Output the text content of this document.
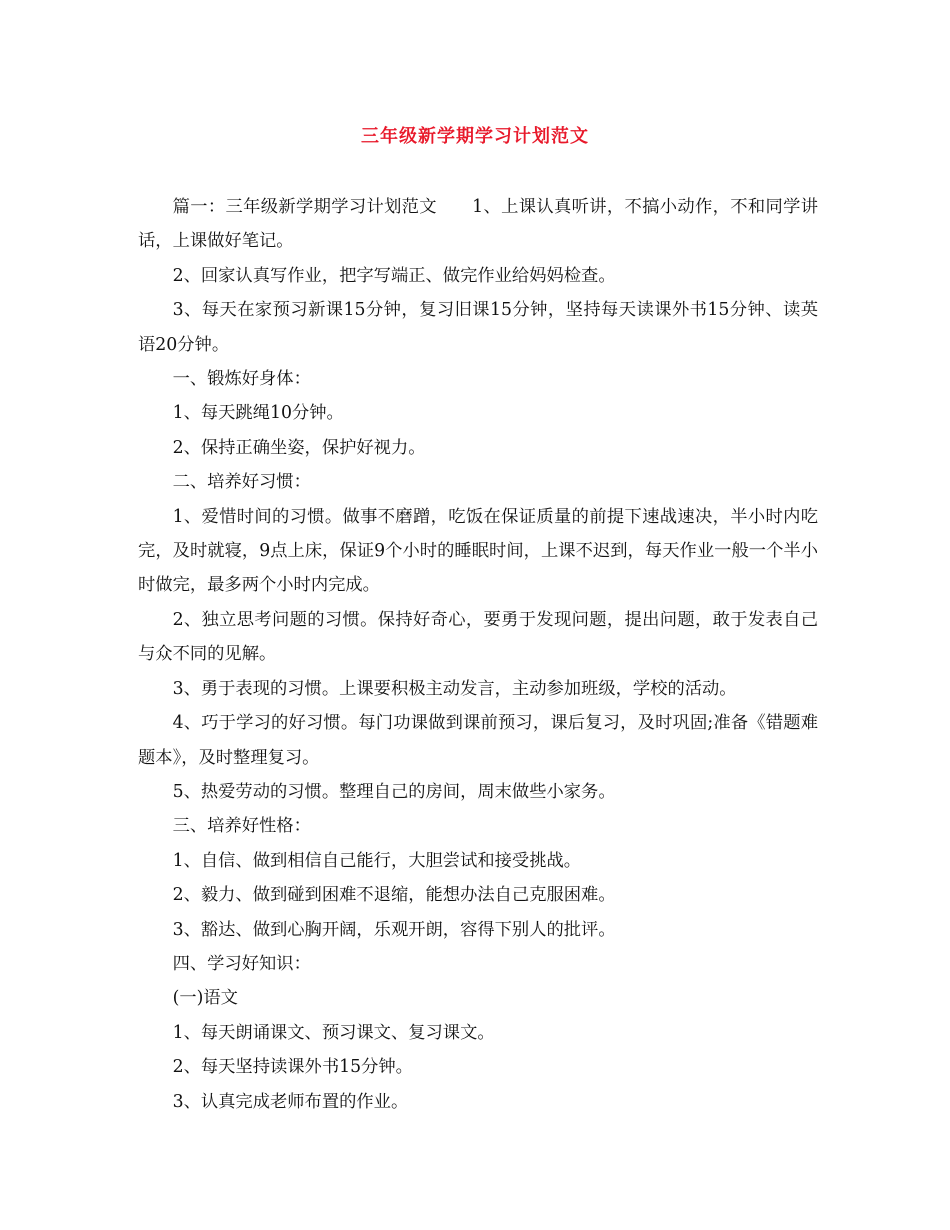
三年级新学期学习计划范文

篇一：三年级新学期学习计划范文　　1、上课认真听讲，不搞小动作，不和同学讲话，上课做好笔记。

2、回家认真写作业，把字写端正、做完作业给妈妈检查。

3、每天在家预习新课15分钟，复习旧课15分钟，坚持每天读课外书15分钟、读英语20分钟。

一、锻炼好身体：

1、每天跳绳10分钟。

2、保持正确坐姿，保护好视力。

二、培养好习惯：

1、爱惜时间的习惯。做事不磨蹭，吃饭在保证质量的前提下速战速决，半小时内吃完，及时就寝，9点上床，保证9个小时的睡眠时间，上课不迟到，每天作业一般一个半小时做完，最多两个小时内完成。

2、独立思考问题的习惯。保持好奇心，要勇于发现问题，提出问题，敢于发表自己与众不同的见解。

3、勇于表现的习惯。上课要积极主动发言，主动参加班级，学校的活动。

4、巧于学习的好习惯。每门功课做到课前预习，课后复习，及时巩固;准备《错题难题本》，及时整理复习。

5、热爱劳动的习惯。整理自己的房间，周末做些小家务。

三、培养好性格：

1、自信、做到相信自己能行，大胆尝试和接受挑战。

2、毅力、做到碰到困难不退缩，能想办法自己克服困难。

3、豁达、做到心胸开阔，乐观开朗，容得下别人的批评。

四、学习好知识：

(一)语文

1、每天朗诵课文、预习课文、复习课文。

2、每天坚持读课外书15分钟。

3、认真完成老师布置的作业。
